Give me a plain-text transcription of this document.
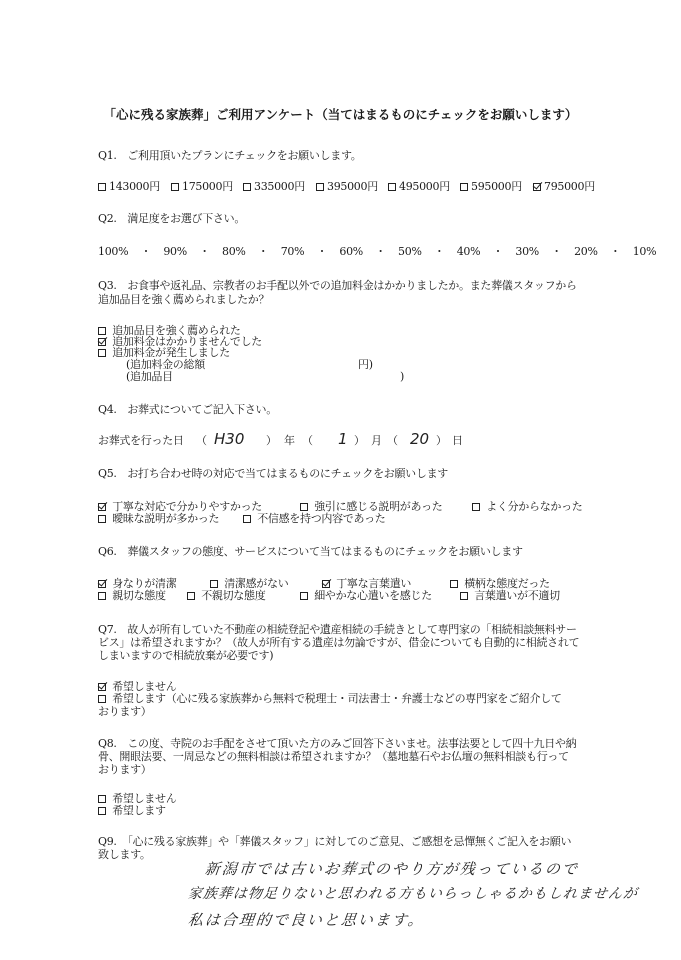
「心に残る家族葬」ご利用アンケート（当てはまるものにチェックをお願いします）
Q1.　ご利用頂いたプランにチェックをお願いします。
143000円	175000円	335000円	395000円	495000円	595000円	795000円
Q2.　満足度をお選び下さい。
100% ・ 90% ・ 80% ・ 70% ・ 60% ・ 50% ・ 40% ・ 30% ・ 20% ・ 10%
Q3.　お食事や返礼品、宗教者のお手配以外での追加料金はかかりましたか。また葬儀スタッフから
追加品目を強く薦められましたか？
追加品目を強く薦められた
追加料金はかかりませんでした
追加料金が発生しました
(追加料金の総額	円)
(追加品目	)
Q4.　お葬式についてご記入下さい。
お葬式を行った日 （ H30 ） 年 （ 1 ） 月 （ 20 ） 日
Q5.　お打ち合わせ時の対応で当てはまるものにチェックをお願いします
丁寧な対応で分かりやすかった	強引に感じる説明があった	よく分からなかった
曖昧な説明が多かった	不信感を持つ内容であった
Q6.　葬儀スタッフの態度、サービスについて当てはまるものにチェックをお願いします
身なりが清潔	清潔感がない	丁寧な言葉遣い	横柄な態度だった
親切な態度	不親切な態度	細やかな心遣いを感じた	言葉遣いが不適切
Q7.　故人が所有していた不動産の相続登記や遺産相続の手続きとして専門家の「相続相談無料サー
ビス」は希望されますか？（故人が所有する遺産は勿論ですが、借金についても自動的に相続されて
しまいますので相続放棄が必要です)
希望しません
希望します（心に残る家族葬から無料で税理士・司法書士・弁護士などの専門家をご紹介して
おります）
Q8.　この度、寺院のお手配をさせて頂いた方のみご回答下さいませ。法事法要として四十九日や納
骨、開眼法要、一周忌などの無料相談は希望されますか？（墓地墓石やお仏壇の無料相談も行って
おります）
希望しません
希望します
Q9.　「心に残る家族葬」や「葬儀スタッフ」に対してのご意見、ご感想を忌憚無くご記入をお願い
致します。
新潟市では古いお葬式のやり方が残っているので
家族葬は物足りないと思われる方もいらっしゃるかもしれませんが
私は合理的で良いと思います。
